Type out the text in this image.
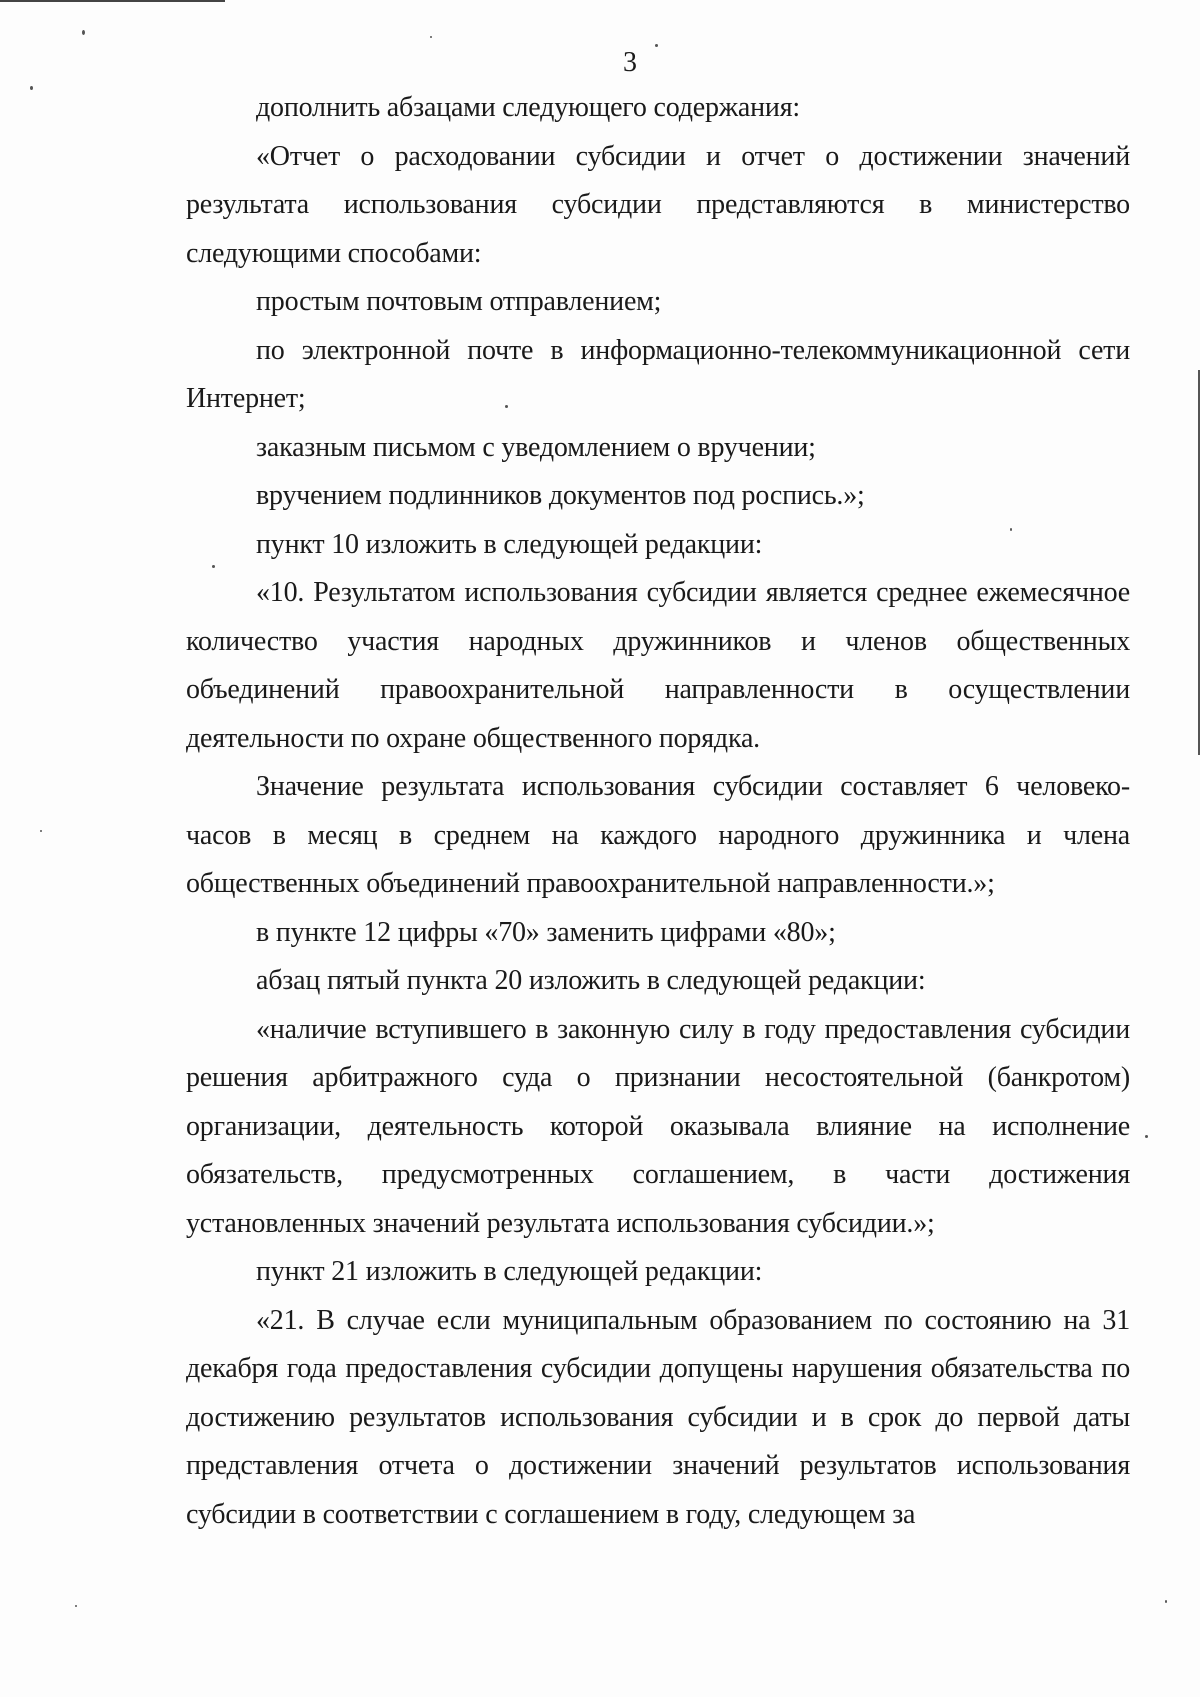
3

дополнить абзацами следующего содержания:

«Отчет о расходовании субсидии и отчет о достижении значений результата использования субсидии представляются в министерство следующими способами:

простым почтовым отправлением;

по электронной почте в информационно-телекоммуникационной сети Интернет;

заказным письмом с уведомлением о вручении;

вручением подлинников документов под роспись.»;

пункт 10 изложить в следующей редакции:

«10. Результатом использования субсидии является среднее ежемесячное количество участия народных дружинников и членов общественных объединений правоохранительной направленности в осуществлении деятельности по охране общественного порядка.

Значение результата использования субсидии составляет 6 человеко-часов в месяц в среднем на каждого народного дружинника и члена общественных объединений правоохранительной направленности.»;

в пункте 12 цифры «70» заменить цифрами «80»;

абзац пятый пункта 20 изложить в следующей редакции:

«наличие вступившего в законную силу в году предоставления субсидии решения арбитражного суда о признании несостоятельной (банкротом) организации, деятельность которой оказывала влияние на исполнение обязательств, предусмотренных соглашением, в части достижения установленных значений результата использования субсидии.»;

пункт 21 изложить в следующей редакции:

«21. В случае если муниципальным образованием по состоянию на 31 декабря года предоставления субсидии допущены нарушения обязательства по достижению результатов использования субсидии и в срок до первой даты представления отчета о достижении значений результатов использования субсидии в соответствии с соглашением в году, следующем за
